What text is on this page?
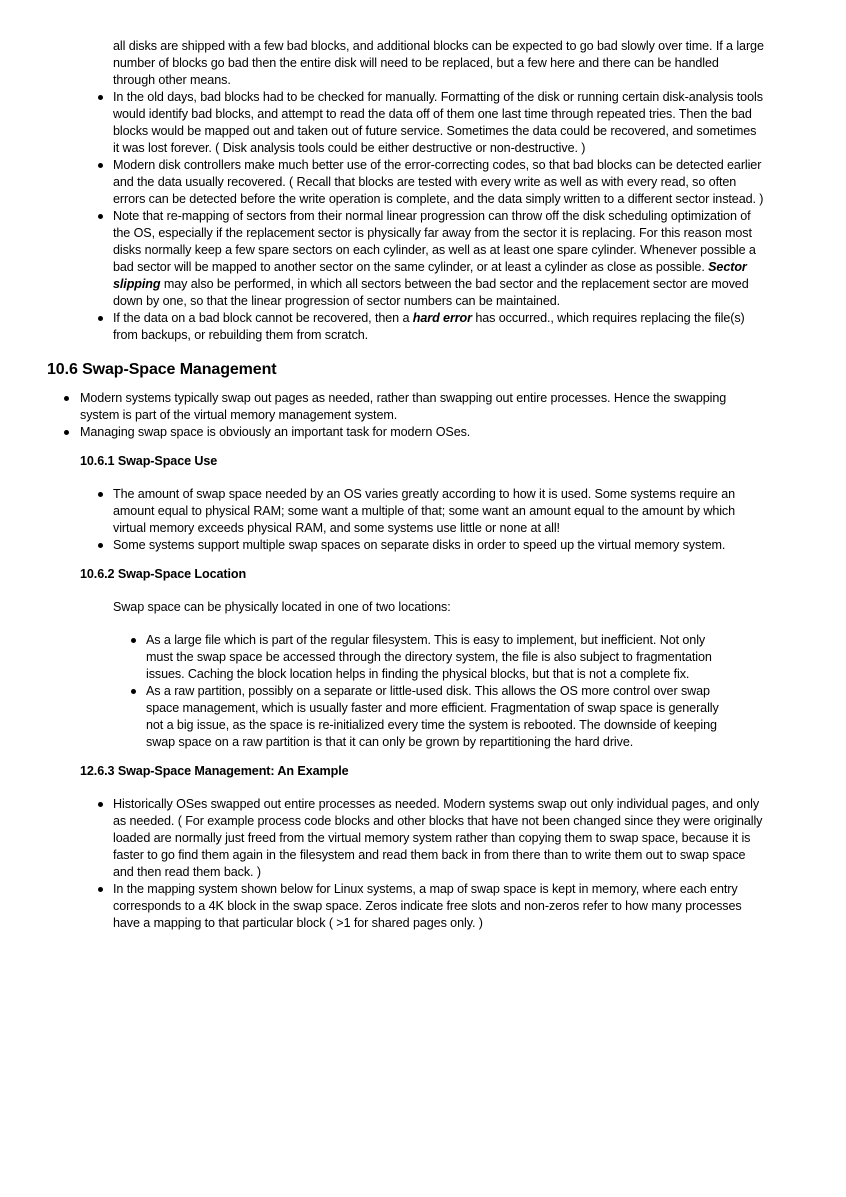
all disks are shipped with a few bad blocks, and additional blocks can be expected to go bad slowly over time. If a large number of blocks go bad then the entire disk will need to be replaced, but a few here and there can be handled through other means.

In the old days, bad blocks had to be checked for manually. Formatting of the disk or running certain disk-analysis tools would identify bad blocks, and attempt to read the data off of them one last time through repeated tries. Then the bad blocks would be mapped out and taken out of future service. Sometimes the data could be recovered, and sometimes it was lost forever. ( Disk analysis tools could be either destructive or non-destructive. )
Modern disk controllers make much better use of the error-correcting codes, so that bad blocks can be detected earlier and the data usually recovered. ( Recall that blocks are tested with every write as well as with every read, so often errors can be detected before the write operation is complete, and the data simply written to a different sector instead. )
Note that re-mapping of sectors from their normal linear progression can throw off the disk scheduling optimization of the OS, especially if the replacement sector is physically far away from the sector it is replacing. For this reason most disks normally keep a few spare sectors on each cylinder, as well as at least one spare cylinder. Whenever possible a bad sector will be mapped to another sector on the same cylinder, or at least a cylinder as close as possible. Sector slipping may also be performed, in which all sectors between the bad sector and the replacement sector are moved down by one, so that the linear progression of sector numbers can be maintained.
If the data on a bad block cannot be recovered, then a hard error has occurred., which requires replacing the file(s) from backups, or rebuilding them from scratch.
10.6 Swap-Space Management
Modern systems typically swap out pages as needed, rather than swapping out entire processes. Hence the swapping system is part of the virtual memory management system.
Managing swap space is obviously an important task for modern OSes.
10.6.1 Swap-Space Use
The amount of swap space needed by an OS varies greatly according to how it is used. Some systems require an amount equal to physical RAM; some want a multiple of that; some want an amount equal to the amount by which virtual memory exceeds physical RAM, and some systems use little or none at all!
Some systems support multiple swap spaces on separate disks in order to speed up the virtual memory system.
10.6.2 Swap-Space Location

Swap space can be physically located in one of two locations:

As a large file which is part of the regular filesystem. This is easy to implement, but inefficient. Not only must the swap space be accessed through the directory system, the file is also subject to fragmentation issues. Caching the block location helps in finding the physical blocks, but that is not a complete fix.
As a raw partition, possibly on a separate or little-used disk. This allows the OS more control over swap space management, which is usually faster and more efficient. Fragmentation of swap space is generally not a big issue, as the space is re-initialized every time the system is rebooted. The downside of keeping swap space on a raw partition is that it can only be grown by repartitioning the hard drive.
12.6.3 Swap-Space Management: An Example
Historically OSes swapped out entire processes as needed. Modern systems swap out only individual pages, and only as needed. ( For example process code blocks and other blocks that have not been changed since they were originally loaded are normally just freed from the virtual memory system rather than copying them to swap space, because it is faster to go find them again in the filesystem and read them back in from there than to write them out to swap space and then read them back. )
In the mapping system shown below for Linux systems, a map of swap space is kept in memory, where each entry corresponds to a 4K block in the swap space. Zeros indicate free slots and non-zeros refer to how many processes have a mapping to that particular block ( >1 for shared pages only. )
